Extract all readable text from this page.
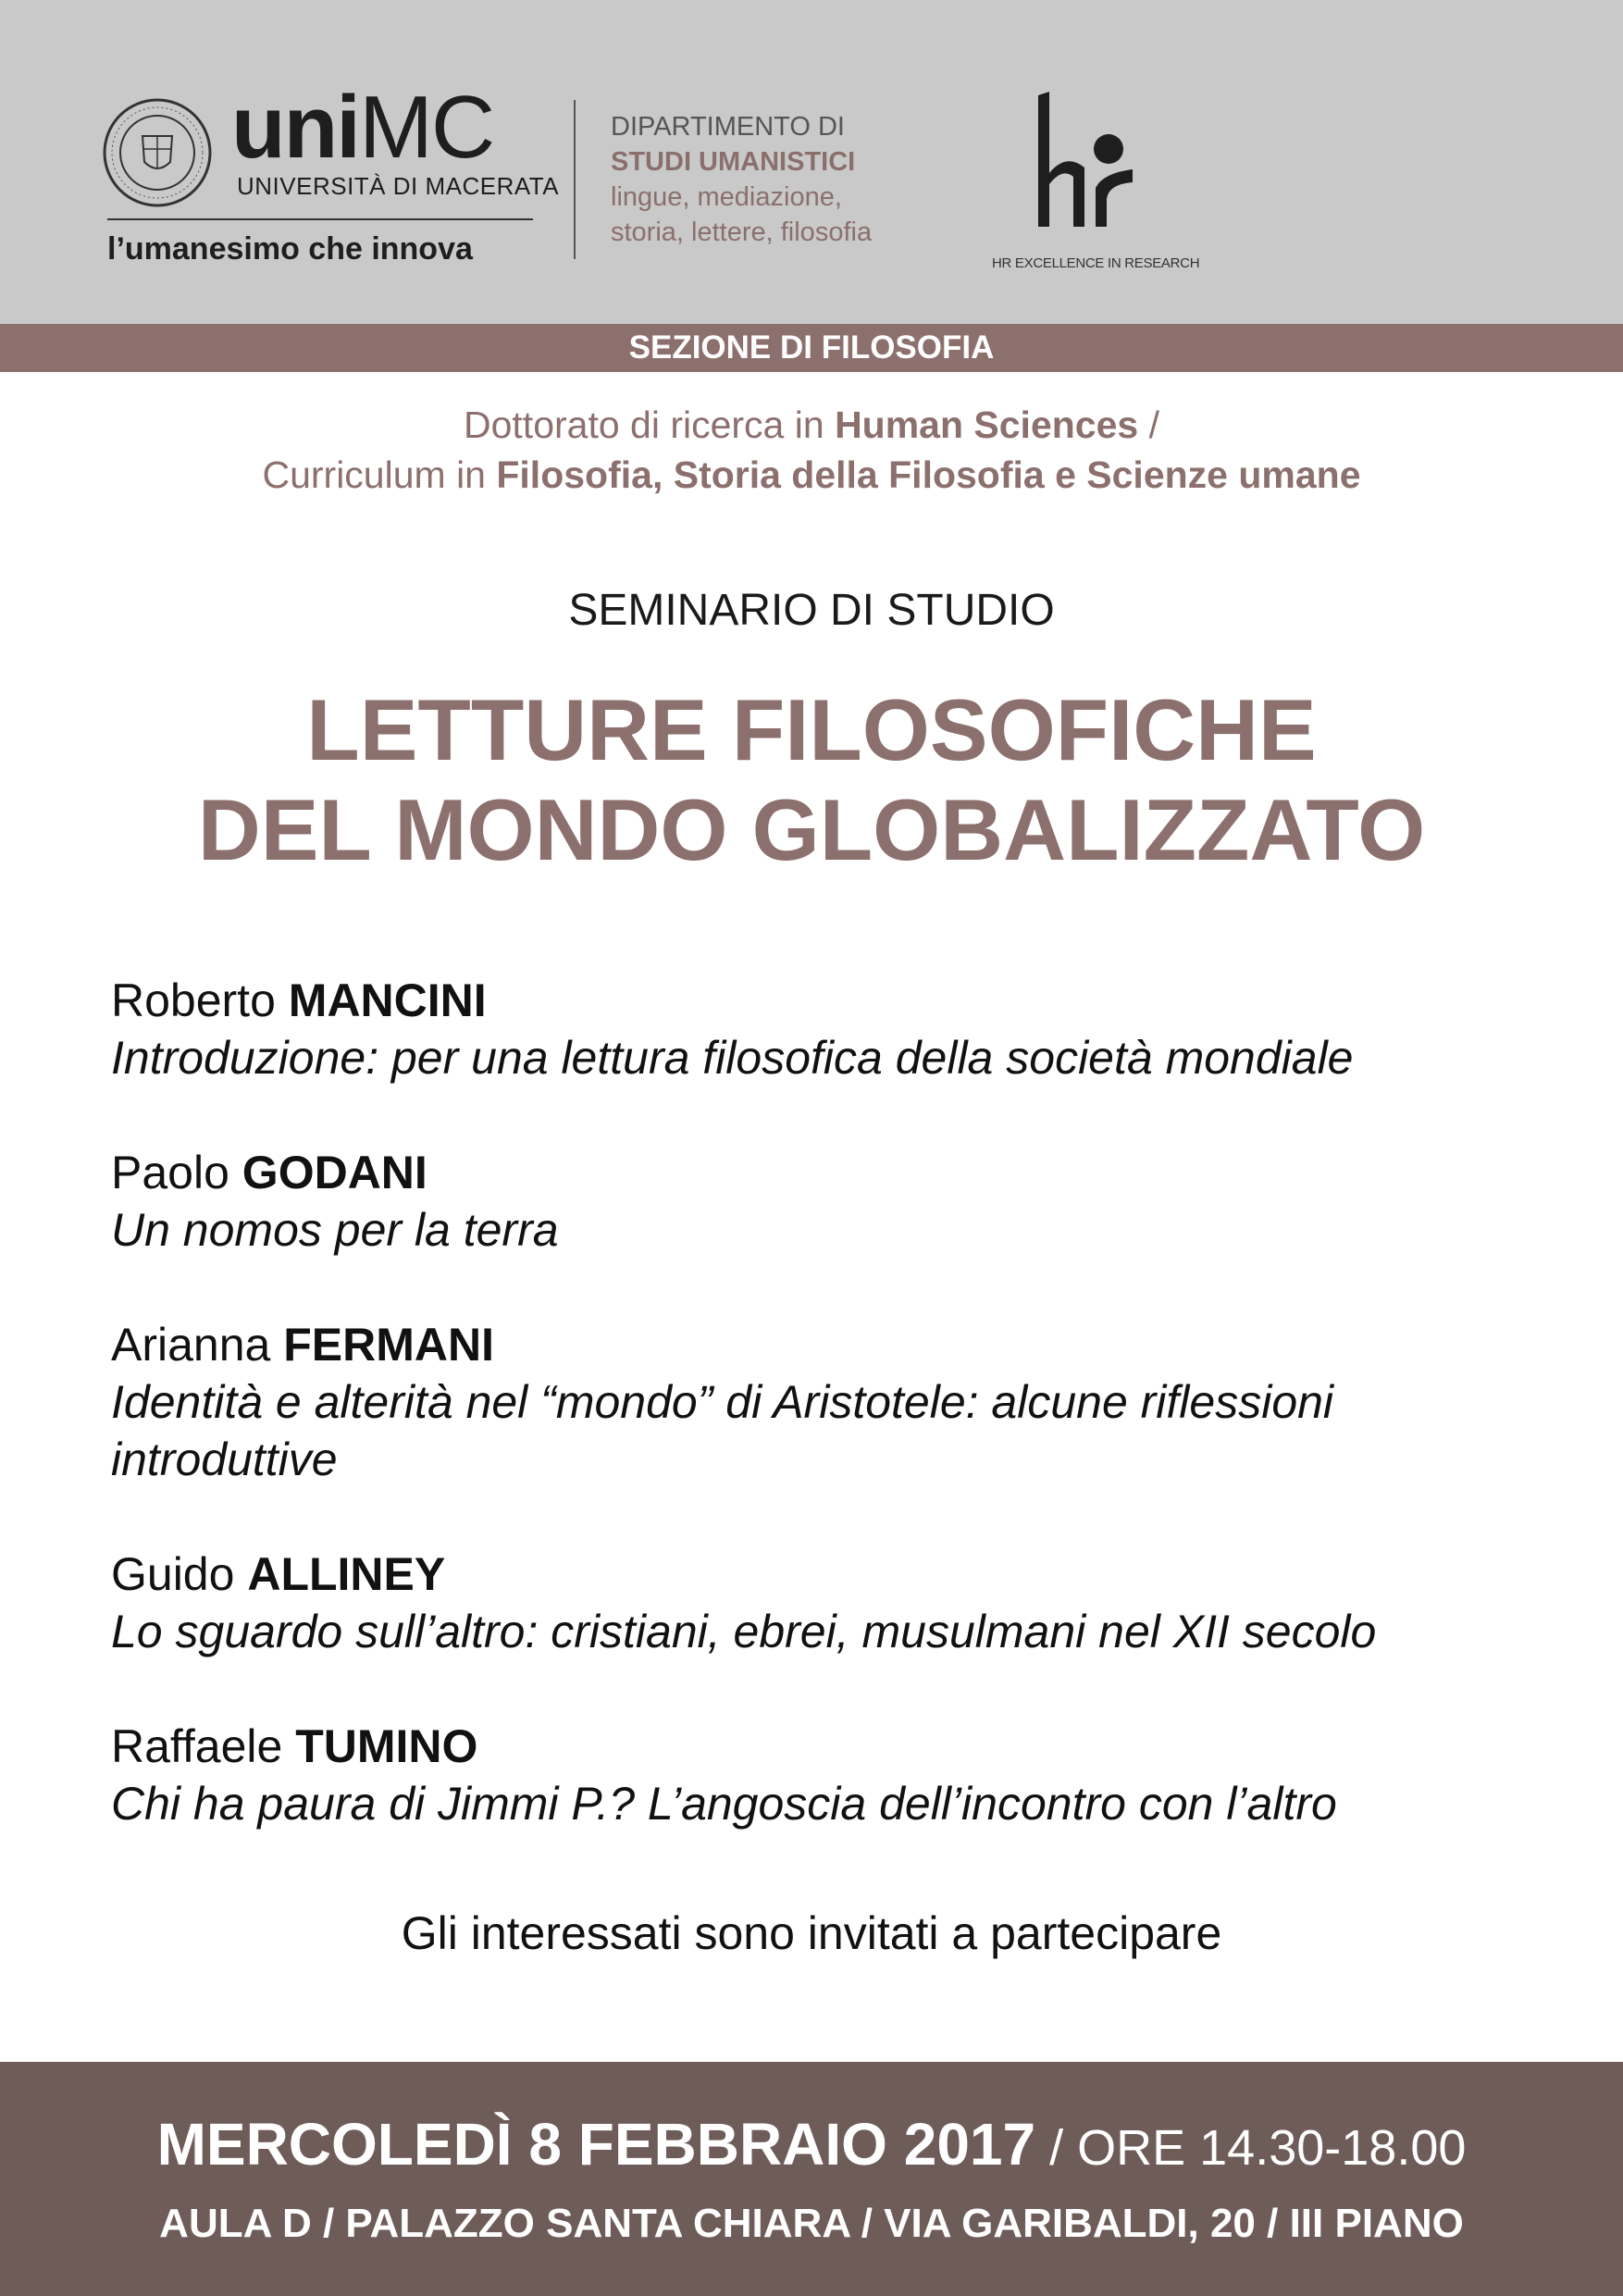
uniMC
UNIVERSITÀ DI MACERATA
l’umanesimo che innova
DIPARTIMENTO DI
STUDI UMANISTICI
lingue, mediazione,
storia, lettere, filosofia
HR EXCELLENCE IN RESEARCH
SEZIONE DI FILOSOFIA
Dottorato di ricerca in Human Sciences /
Curriculum in Filosofia, Storia della Filosofia e Scienze umane
SEMINARIO DI STUDIO
LETTURE FILOSOFICHE
DEL MONDO GLOBALIZZATO
Roberto MANCINI
Introduzione: per una lettura filosofica della società mondiale
Paolo GODANI
Un nomos per la terra
Arianna FERMANI
Identità e alterità nel “mondo” di Aristotele: alcune riflessioni introduttive
Guido ALLINEY
Lo sguardo sull’altro: cristiani, ebrei, musulmani nel XII secolo
Raffaele TUMINO
Chi ha paura di Jimmi P.? L’angoscia dell’incontro con l’altro
Gli interessati sono invitati a partecipare
MERCOLEDÌ 8 FEBBRAIO 2017 / ORE 14.30-18.00
AULA D / PALAZZO SANTA CHIARA / VIA GARIBALDI, 20 / III PIANO
